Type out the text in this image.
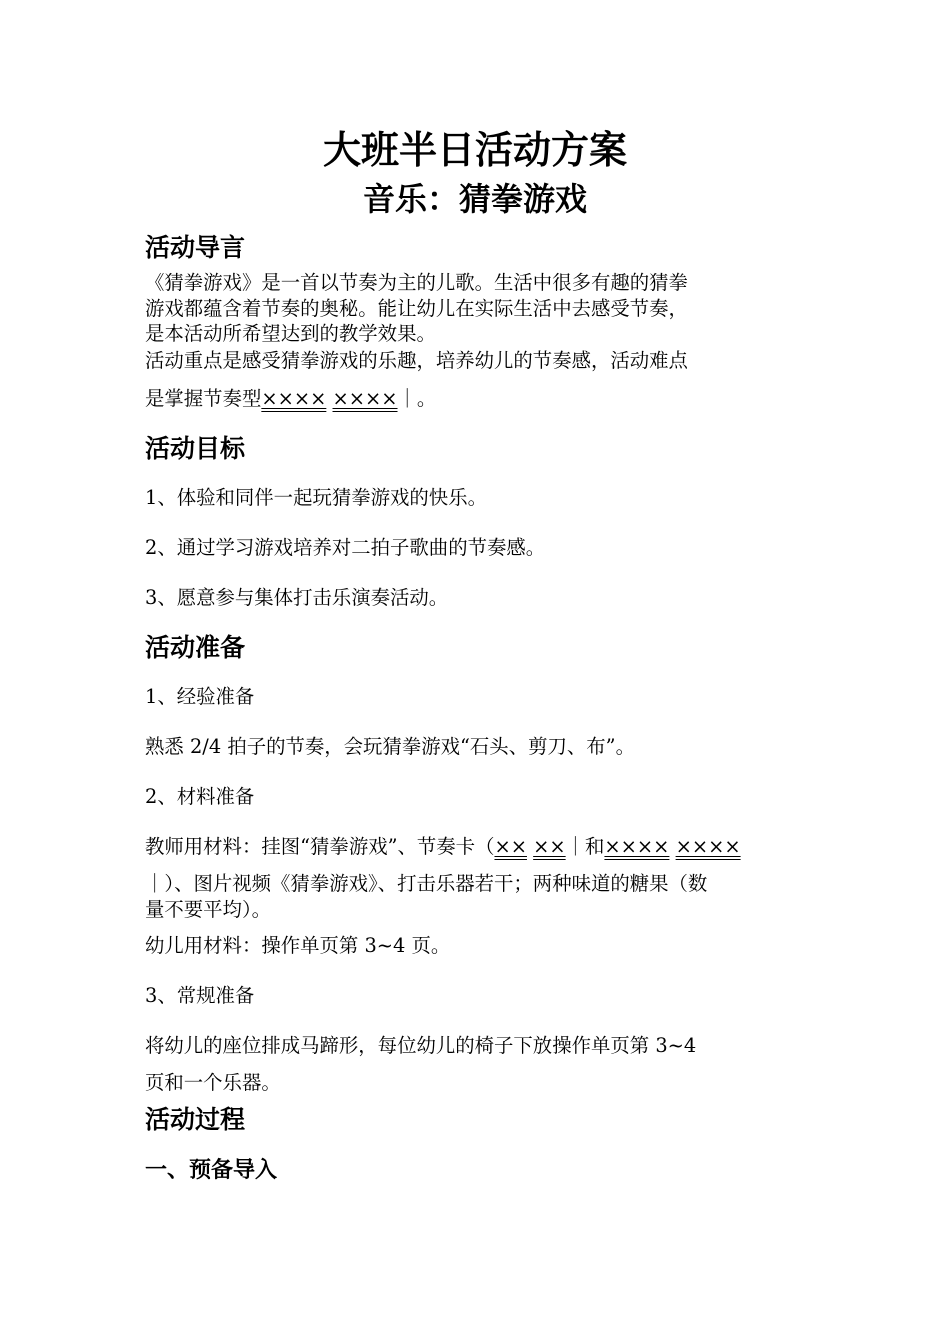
大班半日活动方案
音乐：猜拳游戏
活动导言
《猜拳游戏》是一首以节奏为主的儿歌。生活中很多有趣的猜拳
游戏都蕴含着节奏的奥秘。能让幼儿在实际生活中去感受节奏，
是本活动所希望达到的教学效果。
活动重点是感受猜拳游戏的乐趣，培养幼儿的节奏感，活动难点
是掌握节奏型×××× ××××｜。
活动目标
1、体验和同伴一起玩猜拳游戏的快乐。
2、通过学习游戏培养对二拍子歌曲的节奏感。
3、愿意参与集体打击乐演奏活动。
活动准备
1、经验准备
熟悉 2/4 拍子的节奏，会玩猜拳游戏“石头、剪刀、布”。
2、材料准备
教师用材料：挂图“猜拳游戏”、节奏卡（×× ××｜和×××× ××××
｜）、图片视频《猜拳游戏》、打击乐器若干；两种味道的糖果（数
量不要平均）。
幼儿用材料：操作单页第 3~4 页。
3、常规准备
将幼儿的座位排成马蹄形，每位幼儿的椅子下放操作单页第 3~4
页和一个乐器。
活动过程
一、预备导入
